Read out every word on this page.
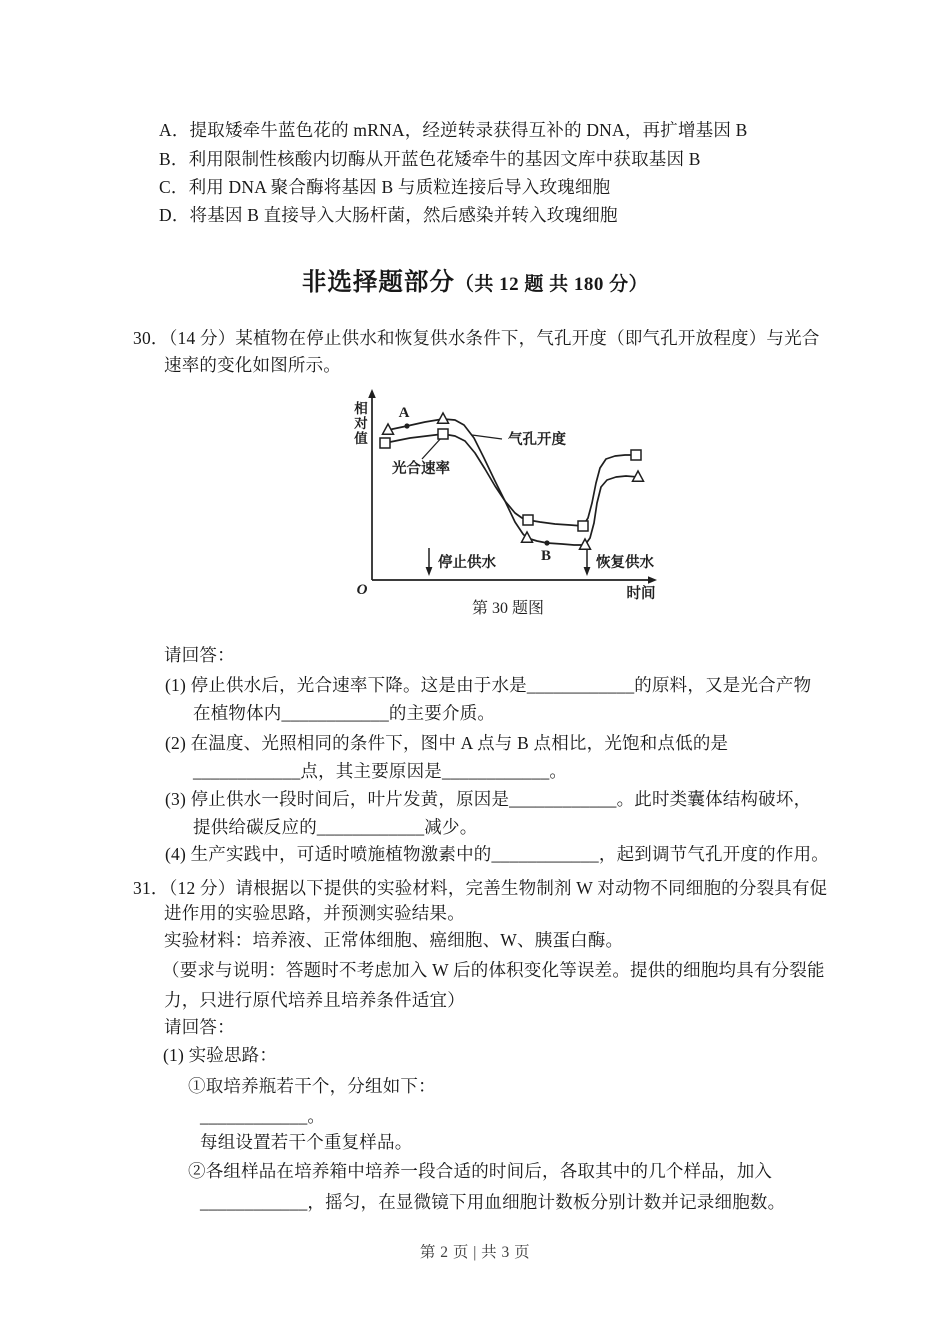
非选择题部分（共 12 题 共 180 分）
相
对
值
O	时间
停止供水	恢复供水
气孔开度
光合速率
A
B
第 30 题图
第 2 页 | 共 3 页
A．提取矮牵牛蓝色花的 mRNA，经逆转录获得互补的 DNA，再扩增基因 B
B．利用限制性核酸内切酶从开蓝色花矮牵牛的基因文库中获取基因 B
C．利用 DNA 聚合酶将基因 B 与质粒连接后导入玫瑰细胞
D．将基因 B 直接导入大肠杆菌，然后感染并转入玫瑰细胞
30．（14 分）某植物在停止供水和恢复供水条件下，气孔开度（即气孔开放程度）与光合
速率的变化如图所示。
请回答：
(1) 停止供水后，光合速率下降。这是由于水是____________的原料，又是光合产物
在植物体内____________的主要介质。
(2) 在温度、光照相同的条件下，图中 A 点与 B 点相比，光饱和点低的是
____________点，其主要原因是____________。
(3) 停止供水一段时间后，叶片发黄，原因是____________。此时类囊体结构破坏，
提供给碳反应的____________减少。
(4) 生产实践中，可适时喷施植物激素中的____________，起到调节气孔开度的作用。
31．（12 分）请根据以下提供的实验材料，完善生物制剂 W 对动物不同细胞的分裂具有促
进作用的实验思路，并预测实验结果。
实验材料：培养液、正常体细胞、癌细胞、W、胰蛋白酶。
（要求与说明：答题时不考虑加入 W 后的体积变化等误差。提供的细胞均具有分裂能
力，只进行原代培养且培养条件适宜）
请回答：
(1) 实验思路：
①取培养瓶若干个，分组如下：
____________。
每组设置若干个重复样品。
②各组样品在培养箱中培养一段合适的时间后，各取其中的几个样品，加入
____________，摇匀，在显微镜下用血细胞计数板分别计数并记录细胞数。
